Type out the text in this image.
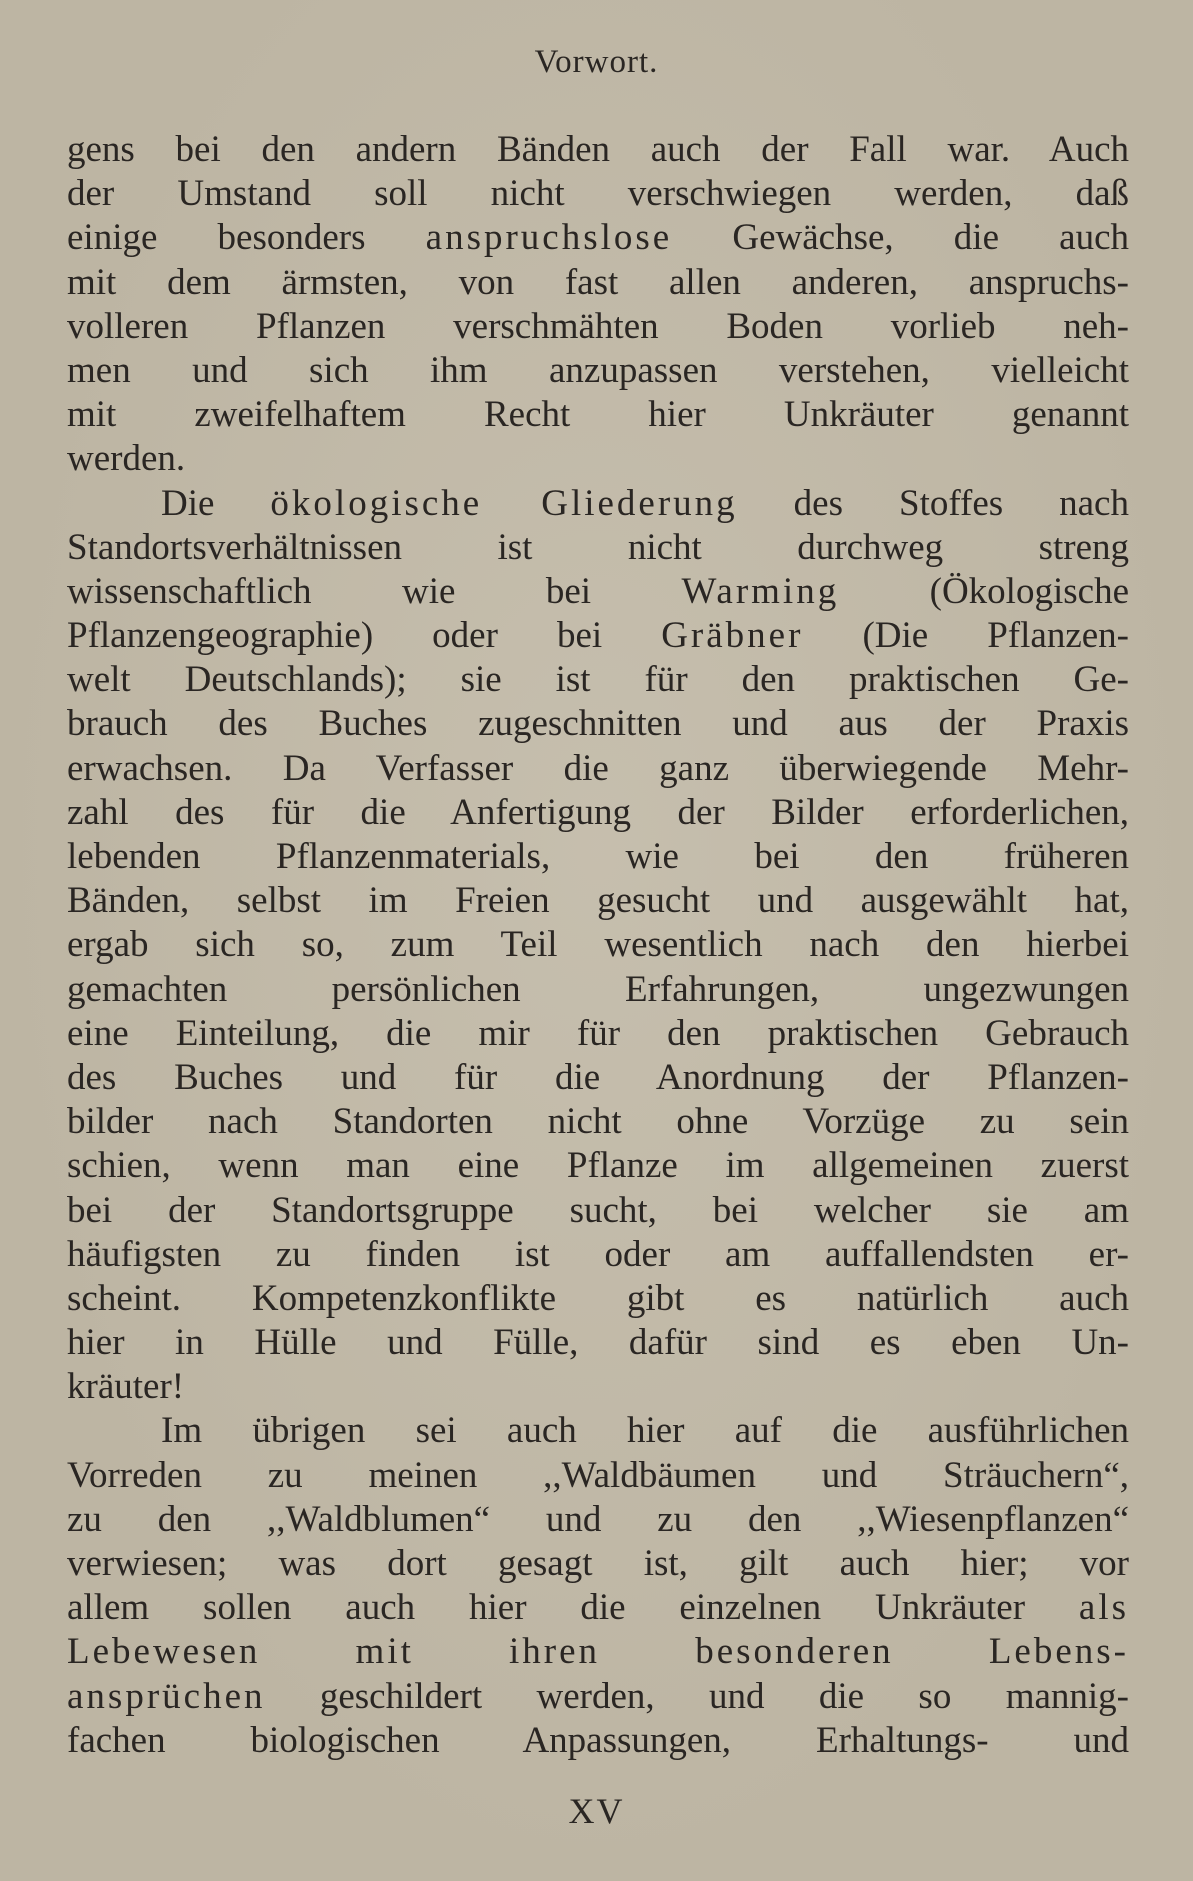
Vorwort.
gens bei den andern Bänden auch der Fall war. Auch
der Umstand soll nicht verschwiegen werden, daß
einige besonders anspruchslose Gewächse, die auch
mit dem ärmsten, von fast allen anderen, anspruchs-
volleren Pflanzen verschmähten Boden vorlieb neh-
men und sich ihm anzupassen verstehen, vielleicht
mit zweifelhaftem Recht hier Unkräuter genannt
werden.
Die ökologische Gliederung des Stoffes nach
Standortsverhältnissen ist nicht durchweg streng
wissenschaftlich wie bei Warming (Ökologische
Pflanzengeographie) oder bei Gräbner (Die Pflanzen-
welt Deutschlands); sie ist für den praktischen Ge-
brauch des Buches zugeschnitten und aus der Praxis
erwachsen. Da Verfasser die ganz überwiegende Mehr-
zahl des für die Anfertigung der Bilder erforderlichen,
lebenden Pflanzenmaterials, wie bei den früheren
Bänden, selbst im Freien gesucht und ausgewählt hat,
ergab sich so, zum Teil wesentlich nach den hierbei
gemachten persönlichen Erfahrungen, ungezwungen
eine Einteilung, die mir für den praktischen Gebrauch
des Buches und für die Anordnung der Pflanzen-
bilder nach Standorten nicht ohne Vorzüge zu sein
schien, wenn man eine Pflanze im allgemeinen zuerst
bei der Standortsgruppe sucht, bei welcher sie am
häufigsten zu finden ist oder am auffallendsten er-
scheint. Kompetenzkonflikte gibt es natürlich auch
hier in Hülle und Fülle, dafür sind es eben Un-
kräuter!
Im übrigen sei auch hier auf die ausführlichen
Vorreden zu meinen ,,Waldbäumen und Sträuchern“,
zu den ,,Waldblumen“ und zu den ,,Wiesenpflanzen“
verwiesen; was dort gesagt ist, gilt auch hier; vor
allem sollen auch hier die einzelnen Unkräuter als
Lebewesen mit ihren besonderen Lebens-
ansprüchen geschildert werden, und die so mannig-
fachen biologischen Anpassungen, Erhaltungs- und
XV
